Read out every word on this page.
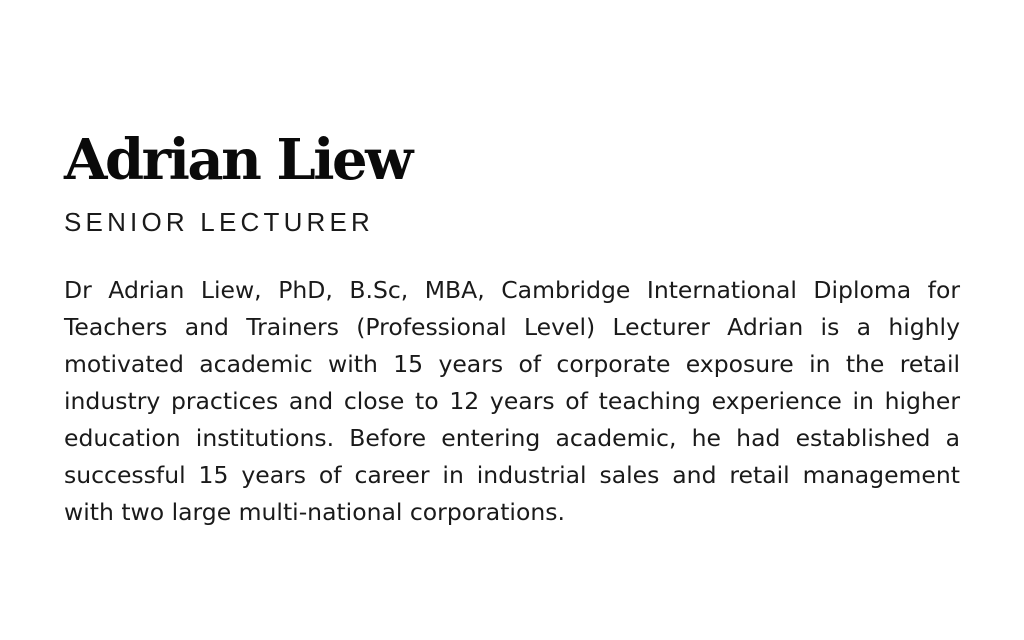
Adrian Liew
SENIOR LECTURER

Dr Adrian Liew, PhD, B.Sc, MBA, Cambridge International Diploma for Teachers and Trainers (Professional Level) Lecturer Adrian is a highly motivated academic with 15 years of corporate exposure in the retail industry practices and close to 12 years of teaching experience in higher education institutions. Before entering academic, he had established a successful 15 years of career in industrial sales and retail management with two large multi-national corporations.
